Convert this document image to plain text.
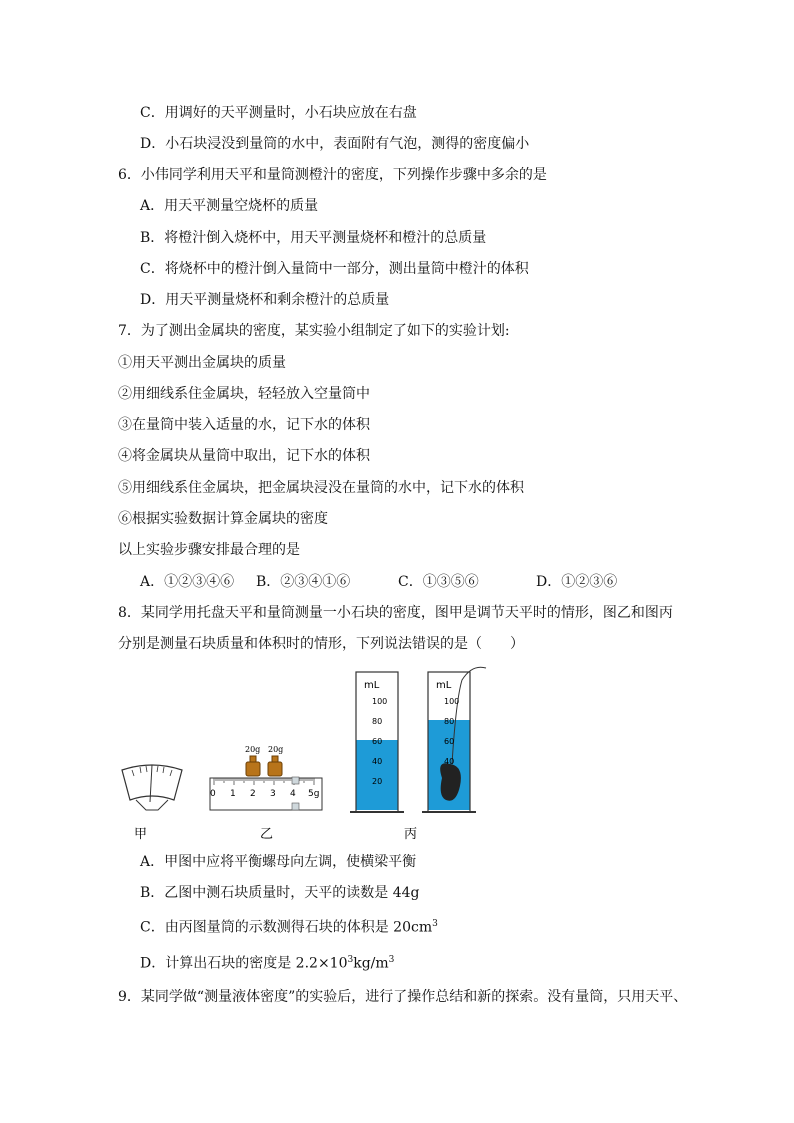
C．用调好的天平测量时，小石块应放在右盘
D．小石块浸没到量筒的水中，表面附有气泡，测得的密度偏小
6．小伟同学利用天平和量筒测橙汁的密度，下列操作步骤中多余的是
A．用天平测量空烧杯的质量
B．将橙汁倒入烧杯中，用天平测量烧杯和橙汁的总质量
C．将烧杯中的橙汁倒入量筒中一部分，测出量筒中橙汁的体积
D．用天平测量烧杯和剩余橙汁的总质量
7．为了测出金属块的密度，某实验小组制定了如下的实验计划:
①用天平测出金属块的质量
②用细线系住金属块，轻轻放入空量筒中
③在量筒中装入适量的水，记下水的体积
④将金属块从量筒中取出，记下水的体积
⑤用细线系住金属块，把金属块浸没在量筒的水中，记下水的体积
⑥根据实验数据计算金属块的密度
以上实验步骤安排最合理的是
A．①②③④⑥ B．②③④①⑥	C．①③⑤⑥	D．①②③⑥
8．某同学用托盘天平和量筒测量一小石块的密度，图甲是调节天平时的情形，图乙和图丙
分别是测量石块质量和体积时的情形，下列说法错误的是（　　）
甲
20g 20g
0 1 2 3 4 5g
乙
mL
100
80
60
40
20
mL
100
80
60
40
丙
A．甲图中应将平衡螺母向左调，使横梁平衡
B．乙图中测石块质量时，天平的读数是 44g
C．由丙图量筒的示数测得石块的体积是 $20cm^3$
D．计算出石块的密度是 $2.2\times 10^3kg/m^3$
9．某同学做“测量液体密度”的实验后，进行了操作总结和新的探索。没有量筒，只用天平、
